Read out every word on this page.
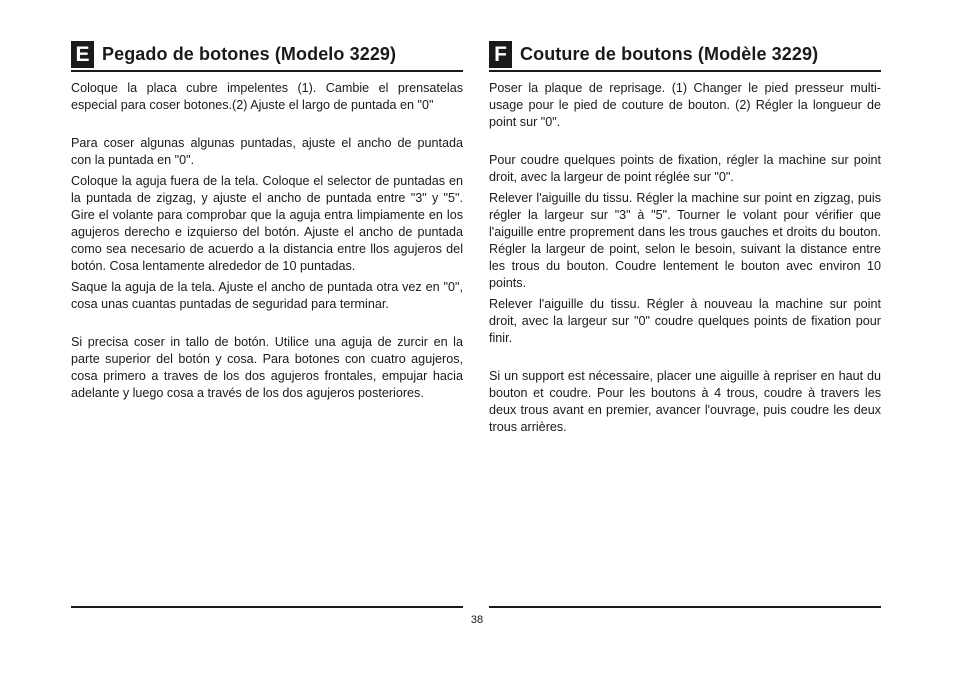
E Pegado de botones (Modelo 3229)

Coloque la placa cubre impelentes (1). Cambie el prensatelas especial para coser botones.(2) Ajuste el largo de puntada en "0"

Para coser algunas algunas puntadas, ajuste el ancho de puntada con la puntada en "0".

Coloque la aguja fuera de la tela. Coloque el selector de puntadas en la puntada de zigzag, y ajuste el ancho de puntada entre "3" y "5". Gire el volante para comprobar que la aguja entra limpiamente en los agujeros derecho e izquierso del botón. Ajuste el ancho de puntada como sea necesario de acuerdo a la distancia entre llos agujeros del botón. Cosa lentamente alrededor de 10 puntadas.

Saque la aguja de la tela. Ajuste el ancho de puntada otra vez en "0", cosa unas cuantas puntadas de seguridad para terminar.

Si precisa coser in tallo de botón. Utilice una aguja de zurcir en la parte superior del botón y cosa. Para botones con cuatro agujeros, cosa primero a traves de los dos agujeros frontales, empujar hacia adelante y luego cosa a través de los dos agujeros posteriores.

F Couture de boutons (Modèle 3229)

Poser la plaque de reprisage. (1) Changer le pied presseur multi-usage pour le pied de couture de bouton. (2) Régler la longueur de point sur "0".

Pour coudre quelques points de fixation, régler la machine sur point droit, avec la largeur de point réglée sur "0".

Relever l'aiguille du tissu. Régler la machine sur point en zigzag, puis régler la largeur sur "3" à "5". Tourner le volant pour vérifier que l'aiguille entre proprement dans les trous gauches et droits du bouton. Régler la largeur de point, selon le besoin, suivant la distance entre les trous du bouton. Coudre lentement le bouton avec environ 10 points.

Relever l'aiguille du tissu. Régler à nouveau la machine sur point droit, avec la largeur sur "0" coudre quelques points de fixation pour finir.

Si un support est nécessaire, placer une aiguille à repriser en haut du bouton et coudre. Pour les boutons à 4 trous, coudre à travers les deux trous avant en premier, avancer l'ouvrage, puis coudre les deux trous arrières.

38
